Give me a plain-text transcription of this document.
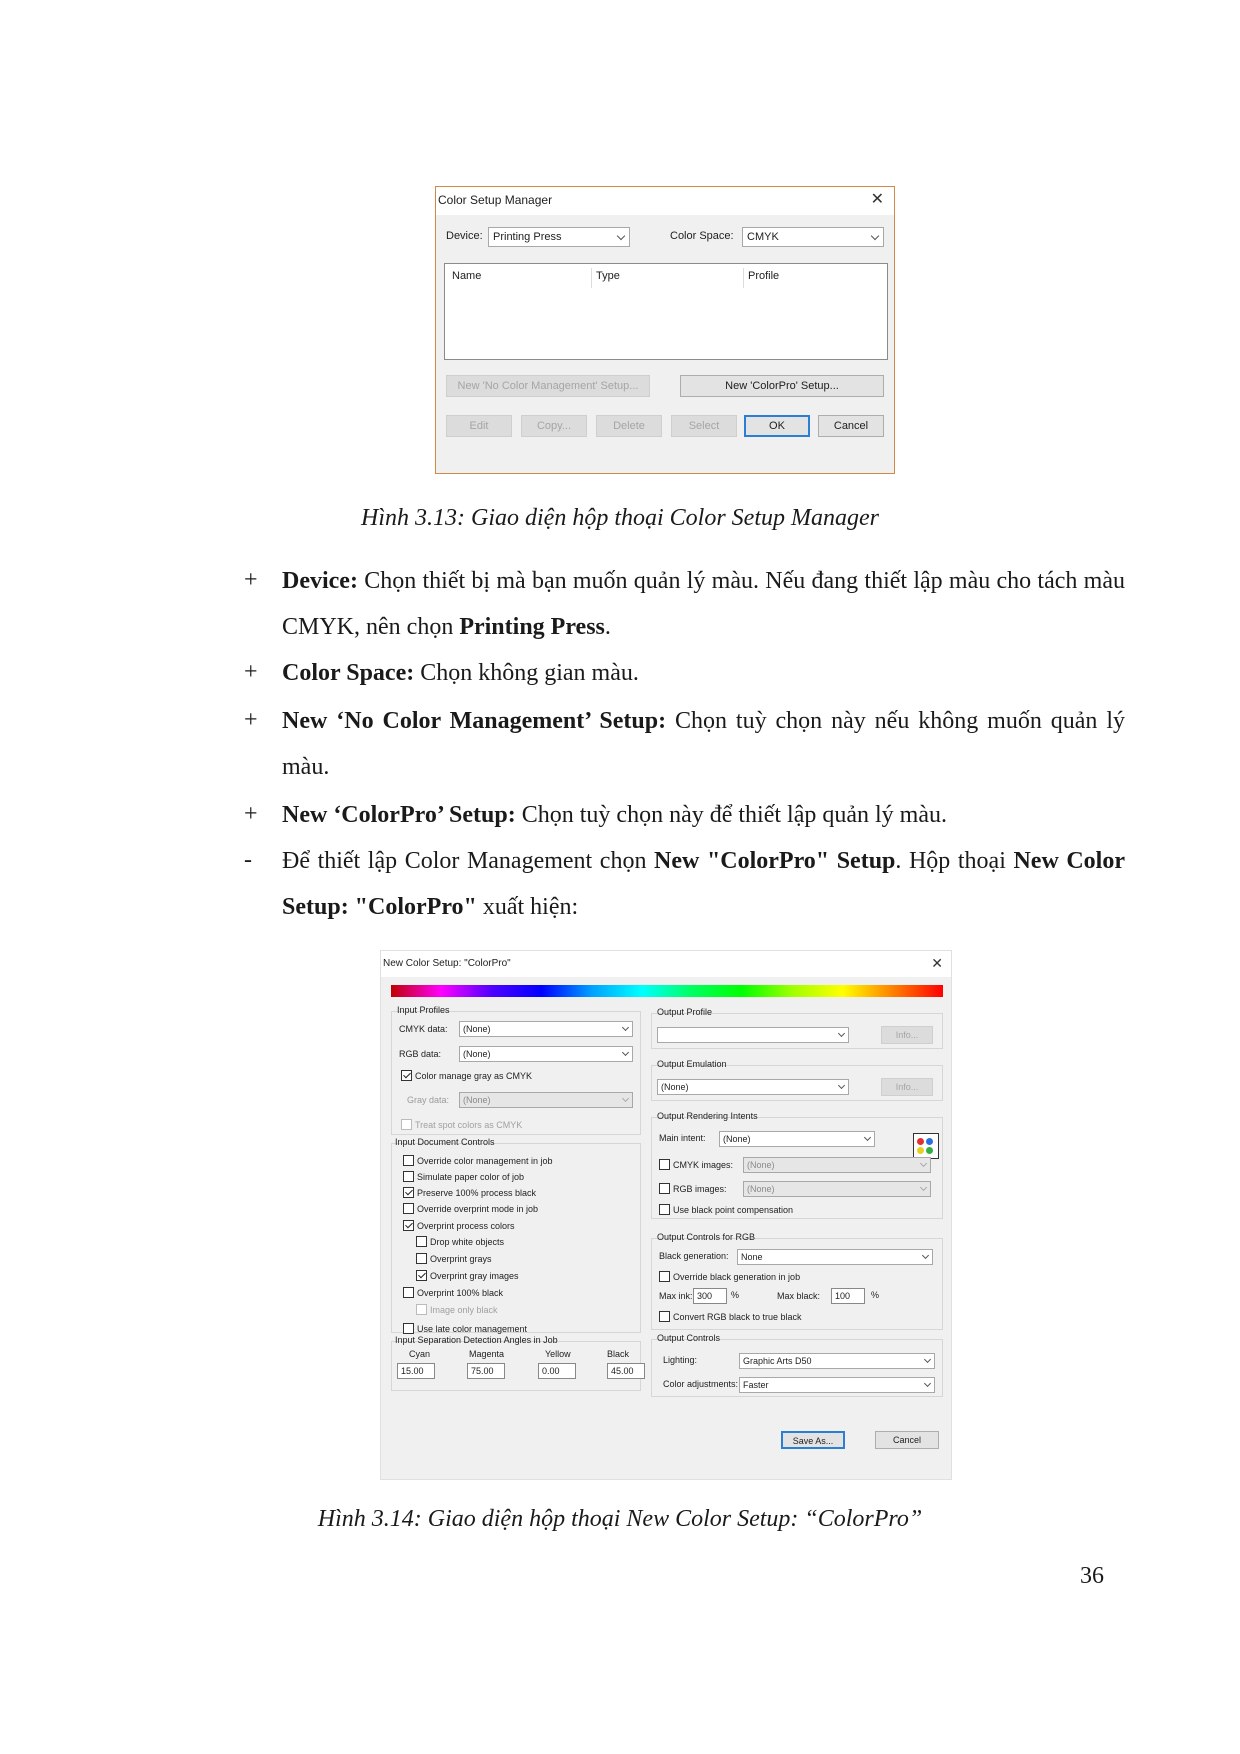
Color Setup Manager	✕
Device: Printing Press	Color Space:	CMYK
Name	Type	Profile
New 'No Color Management' Setup...	New 'ColorPro' Setup...
Edit	Copy...	Delete	Select	OK	Cancel
Hình 3.13: Giao diện hộp thoại Color Setup Manager
+ Device: Chọn thiết bị mà bạn muốn quản lý màu. Nếu đang thiết lập màu cho tách màu CMYK, nên chọn Printing Press.
+ Color Space: Chọn không gian màu.
+ New ‘No Color Management’ Setup: Chọn tuỳ chọn này nếu không muốn quản lý màu.
+ New ‘ColorPro’ Setup: Chọn tuỳ chọn này để thiết lập quản lý màu.
- Để thiết lập Color Management chọn New "ColorPro" Setup. Hộp thoại New Color Setup: "ColorPro" xuất hiện:
New Color Setup: "ColorPro"	✕
Input Profiles
CMYK data:	(None)
RGB data:	(None)
Color manage gray as CMYK
Gray data:	(None)
Treat spot colors as CMYK
Input Document Controls
Override color management in job
Simulate paper color of job
Preserve 100% process black
Override overprint mode in job
Overprint process colors
Drop white objects
Overprint grays
Overprint gray images
Overprint 100% black
Image only black
Use late color management
Input Separation Detection Angles in Job
Cyan	Magenta	Yellow	Black
15.00	75.00	0.00	45.00
Output Profile
Info...
Output Emulation
(None)	Info...
Output Rendering Intents
Main intent:	(None)
CMYK images:	(None)
RGB images:	(None)
Use black point compensation
Output Controls for RGB
Black generation:	None
Override black generation in job
Max ink: 300	%	Max black:	100	%
Convert RGB black to true black
Output Controls
Lighting:	Graphic Arts D50
Color adjustments: Faster
Save As...	Cancel
Hình 3.14: Giao diện hộp thoại New Color Setup: “ColorPro”
36
